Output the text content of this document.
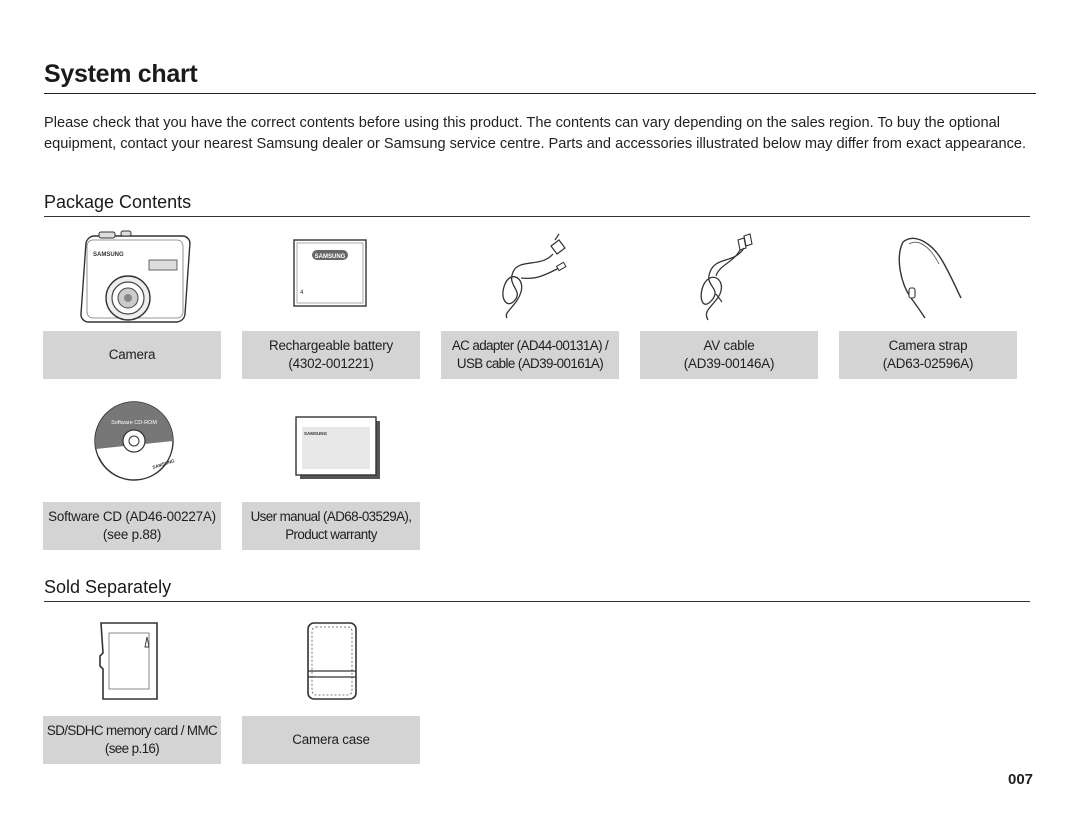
System chart
Please check that you have the correct contents before using this product. The contents can vary depending on the sales region. To buy the optional equipment, contact your nearest Samsung dealer or Samsung service centre. Parts and accessories illustrated below may differ from exact appearance.
Package Contents
SAMSUNG
Camera
SAMSUNG
4
Rechargeable battery
(4302-001221)
AC adapter (AD44-00131A) /
USB cable (AD39-00161A)
AV cable
(AD39-00146A)
Camera strap
(AD63-02596A)
Software CD-ROM
SAMSUNG
Software CD (AD46-00227A)
(see p.88)
SAMSUNG
User manual (AD68-03529A),
Product warranty
Sold Separately
SD/SDHC memory card / MMC
(see p.16)
Camera case
007
